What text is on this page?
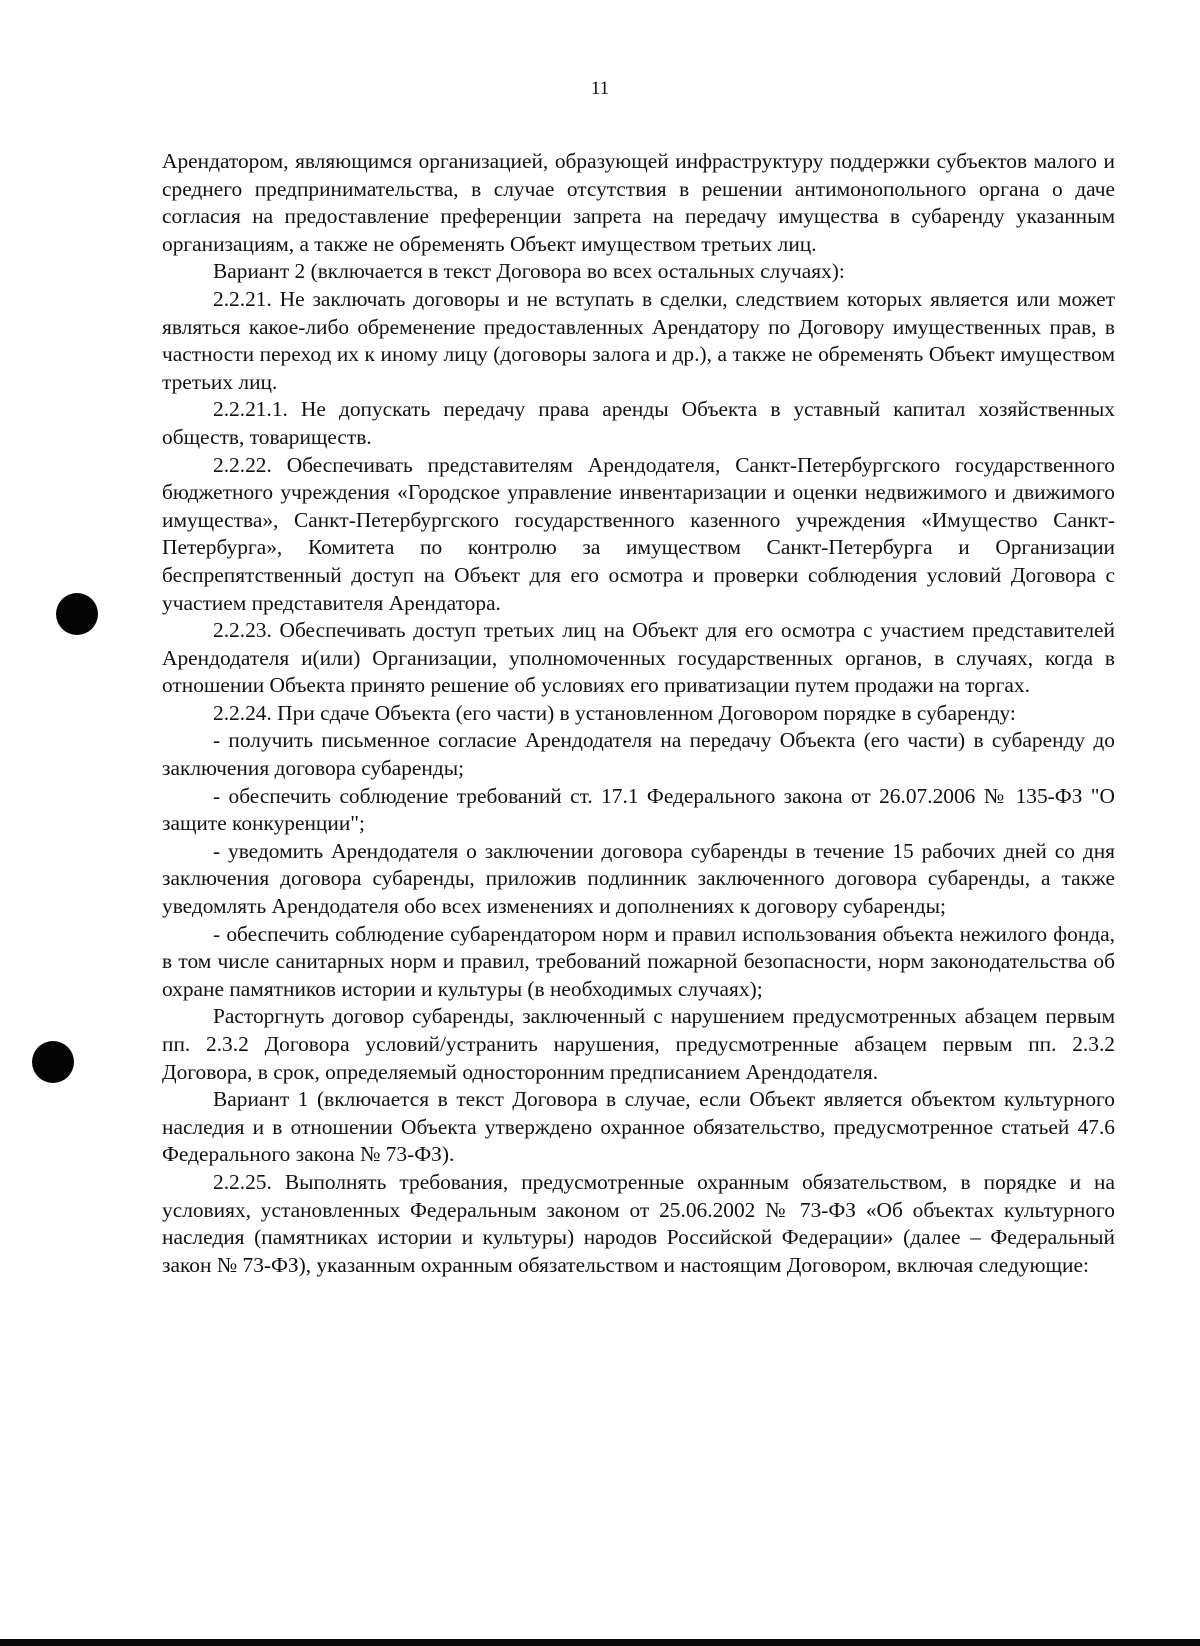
11

Арендатором, являющимся организацией, образующей инфраструктуру поддержки субъектов малого и среднего предпринимательства, в случае отсутствия в решении антимонопольного органа о даче согласия на предоставление преференции запрета на передачу имущества в субаренду указанным организациям, а также не обременять Объект имуществом третьих лиц.

Вариант 2 (включается в текст Договора во всех остальных случаях):

2.2.21. Не заключать договоры и не вступать в сделки, следствием которых является или может являться какое-либо обременение предоставленных Арендатору по Договору имущественных прав, в частности переход их к иному лицу (договоры залога и др.), а также не обременять Объект имуществом третьих лиц.

2.2.21.1. Не допускать передачу права аренды Объекта в уставный капитал хозяйственных обществ, товариществ.

2.2.22. Обеспечивать представителям Арендодателя, Санкт-Петербургского государственного бюджетного учреждения «Городское управление инвентаризации и оценки недвижимого и движимого имущества», Санкт-Петербургского государственного казенного учреждения «Имущество Санкт-Петербурга», Комитета по контролю за имуществом Санкт-Петербурга и Организации беспрепятственный доступ на Объект для его осмотра и проверки соблюдения условий Договора с участием представителя Арендатора.

2.2.23. Обеспечивать доступ третьих лиц на Объект для его осмотра с участием представителей Арендодателя и(или) Организации, уполномоченных государственных органов, в случаях, когда в отношении Объекта принято решение об условиях его приватизации путем продажи на торгах.

2.2.24. При сдаче Объекта (его части) в установленном Договором порядке в субаренду:

- получить письменное согласие Арендодателя на передачу Объекта (его части) в субаренду до заключения договора субаренды;

- обеспечить соблюдение требований ст. 17.1 Федерального закона от 26.07.2006 № 135-ФЗ "О защите конкуренции";

- уведомить Арендодателя о заключении договора субаренды в течение 15 рабочих дней со дня заключения договора субаренды, приложив подлинник заключенного договора субаренды, а также уведомлять Арендодателя обо всех изменениях и дополнениях к договору субаренды;

- обеспечить соблюдение субарендатором норм и правил использования объекта нежилого фонда, в том числе санитарных норм и правил, требований пожарной безопасности, норм законодательства об охране памятников истории и культуры (в необходимых случаях);

Расторгнуть договор субаренды, заключенный с нарушением предусмотренных абзацем первым пп. 2.3.2 Договора условий/устранить нарушения, предусмотренные абзацем первым пп. 2.3.2 Договора, в срок, определяемый односторонним предписанием Арендодателя.

Вариант 1 (включается в текст Договора в случае, если Объект является объектом культурного наследия и в отношении Объекта утверждено охранное обязательство, предусмотренное статьей 47.6 Федерального закона № 73-ФЗ).

2.2.25. Выполнять требования, предусмотренные охранным обязательством, в порядке и на условиях, установленных Федеральным законом от 25.06.2002 № 73-ФЗ «Об объектах культурного наследия (памятниках истории и культуры) народов Российской Федерации» (далее – Федеральный закон № 73-ФЗ), указанным охранным обязательством и настоящим Договором, включая следующие:
